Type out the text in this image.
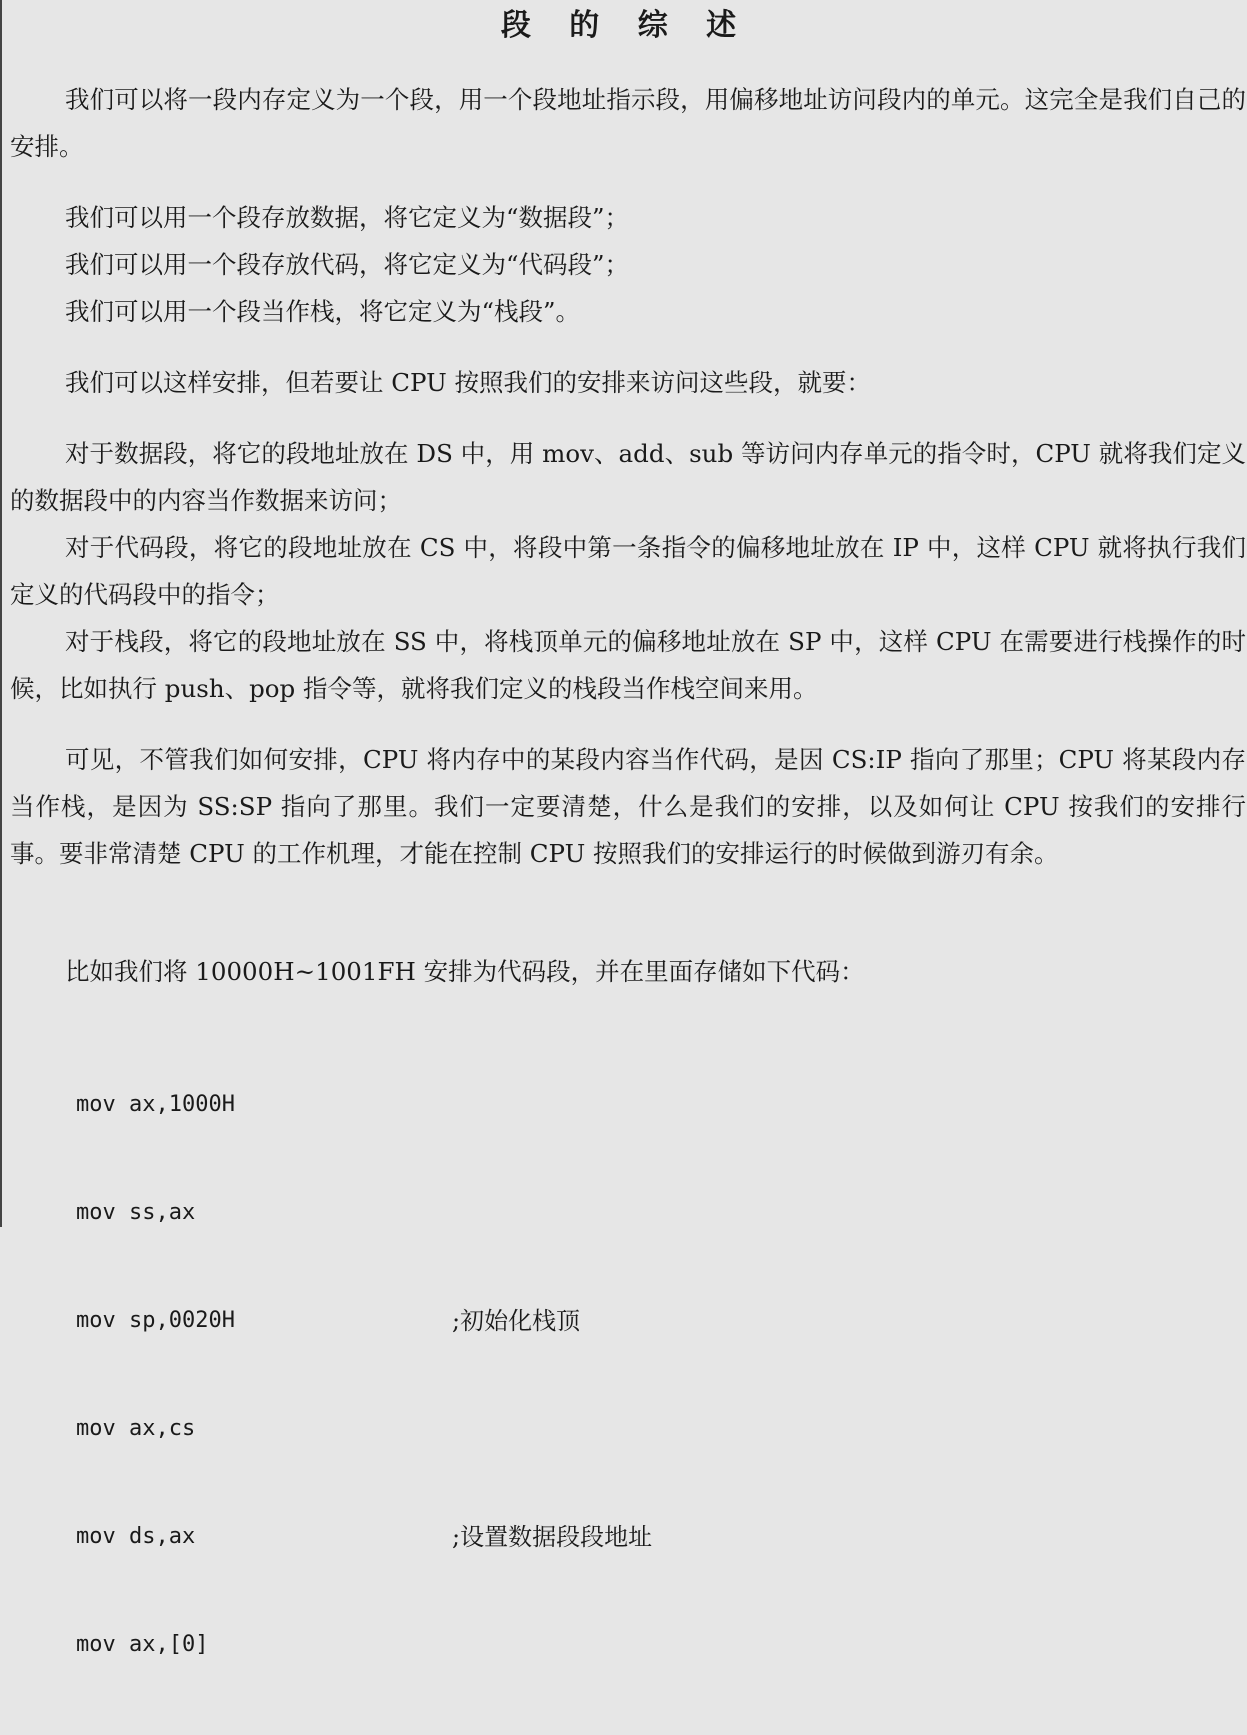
段 的 综 述

我们可以将一段内存定义为一个段，用一个段地址指示段，用偏移地址访问段内的单元。这完全是我们自己的安排。

我们可以用一个段存放数据，将它定义为“数据段”；

我们可以用一个段存放代码，将它定义为“代码段”；

我们可以用一个段当作栈，将它定义为“栈段”。

我们可以这样安排，但若要让 CPU 按照我们的安排来访问这些段，就要：

对于数据段，将它的段地址放在 DS 中，用 mov、add、sub 等访问内存单元的指令时，CPU 就将我们定义的数据段中的内容当作数据来访问；

对于代码段，将它的段地址放在 CS 中，将段中第一条指令的偏移地址放在 IP 中，这样 CPU 就将执行我们定义的代码段中的指令；

对于栈段，将它的段地址放在 SS 中，将栈顶单元的偏移地址放在 SP 中，这样 CPU 在需要进行栈操作的时候，比如执行 push、pop 指令等，就将我们定义的栈段当作栈空间来用。

可见，不管我们如何安排，CPU 将内存中的某段内容当作代码，是因 CS:IP 指向了那里；CPU 将某段内存当作栈，是因为 SS:SP 指向了那里。我们一定要清楚，什么是我们的安排，以及如何让 CPU 按我们的安排行事。要非常清楚 CPU 的工作机理，才能在控制 CPU 按照我们的安排运行的时候做到游刃有余。

比如我们将 10000H~1001FH 安排为代码段，并在里面存储如下代码：

mov ax,1000H

mov ss,ax

mov sp,0020H	;初始化栈顶

mov ax,cs

mov ds,ax	;设置数据段段地址

mov ax,[0]
